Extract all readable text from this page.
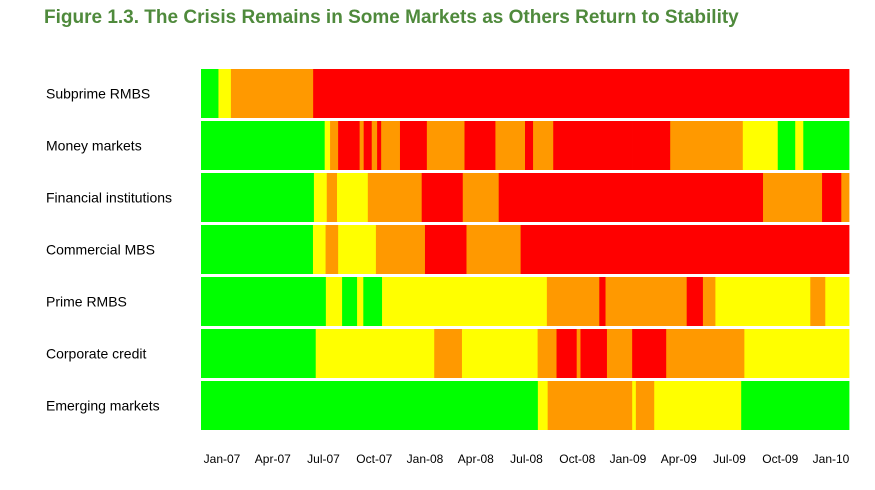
Figure 1.3. The Crisis Remains in Some Markets as Others Return to Stability
Subprime RMBS
Money markets
Financial institutions
Commercial MBS
Prime RMBS
Corporate credit
Emerging markets
Jan-07 Apr-07 Jul-07 Oct-07 Jan-08 Apr-08 Jul-08 Oct-08 Jan-09 Apr-09 Jul-09 Oct-09 Jan-10
